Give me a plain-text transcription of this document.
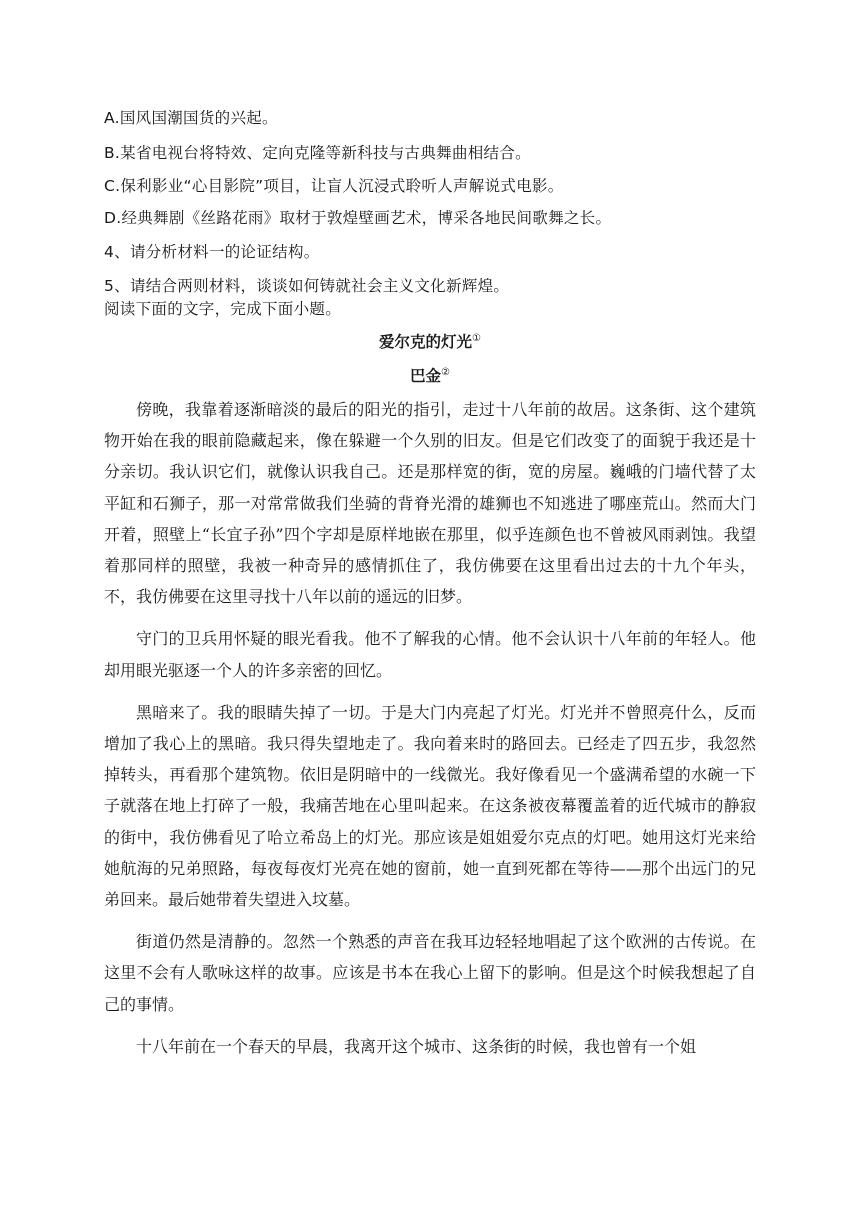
A.国风国潮国货的兴起。
B.某省电视台将特效、定向克隆等新科技与古典舞曲相结合。
C.保利影业“心目影院”项目，让盲人沉浸式聆听人声解说式电影。
D.经典舞剧《丝路花雨》取材于敦煌壁画艺术，博采各地民间歌舞之长。
4、请分析材料一的论证结构。
5、请结合两则材料，谈谈如何铸就社会主义文化新辉煌。
阅读下面的文字，完成下面小题。
爱尔克的灯光①
巴金②

傍晚，我靠着逐渐暗淡的最后的阳光的指引，走过十八年前的故居。这条街、这个建筑物开始在我的眼前隐藏起来，像在躲避一个久别的旧友。但是它们改变了的面貌于我还是十分亲切。我认识它们，就像认识我自己。还是那样宽的街，宽的房屋。巍峨的门墙代替了太平缸和石狮子，那一对常常做我们坐骑的背脊光滑的雄狮也不知逃进了哪座荒山。然而大门开着，照壁上“长宜子孙”四个字却是原样地嵌在那里，似乎连颜色也不曾被风雨剥蚀。我望着那同样的照壁，我被一种奇异的感情抓住了，我仿佛要在这里看出过去的十九个年头，不，我仿佛要在这里寻找十八年以前的遥远的旧梦。

守门的卫兵用怀疑的眼光看我。他不了解我的心情。他不会认识十八年前的年轻人。他却用眼光驱逐一个人的许多亲密的回忆。

黑暗来了。我的眼睛失掉了一切。于是大门内亮起了灯光。灯光并不曾照亮什么，反而增加了我心上的黑暗。我只得失望地走了。我向着来时的路回去。已经走了四五步，我忽然掉转头，再看那个建筑物。依旧是阴暗中的一线微光。我好像看见一个盛满希望的水碗一下子就落在地上打碎了一般，我痛苦地在心里叫起来。在这条被夜幕覆盖着的近代城市的静寂的街中，我仿佛看见了哈立希岛上的灯光。那应该是姐姐爱尔克点的灯吧。她用这灯光来给她航海的兄弟照路，每夜每夜灯光亮在她的窗前，她一直到死都在等待——那个出远门的兄弟回来。最后她带着失望进入坟墓。

街道仍然是清静的。忽然一个熟悉的声音在我耳边轻轻地唱起了这个欧洲的古传说。在这里不会有人歌咏这样的故事。应该是书本在我心上留下的影响。但是这个时候我想起了自己的事情。

十八年前在一个春天的早晨，我离开这个城市、这条街的时候，我也曾有一个姐
